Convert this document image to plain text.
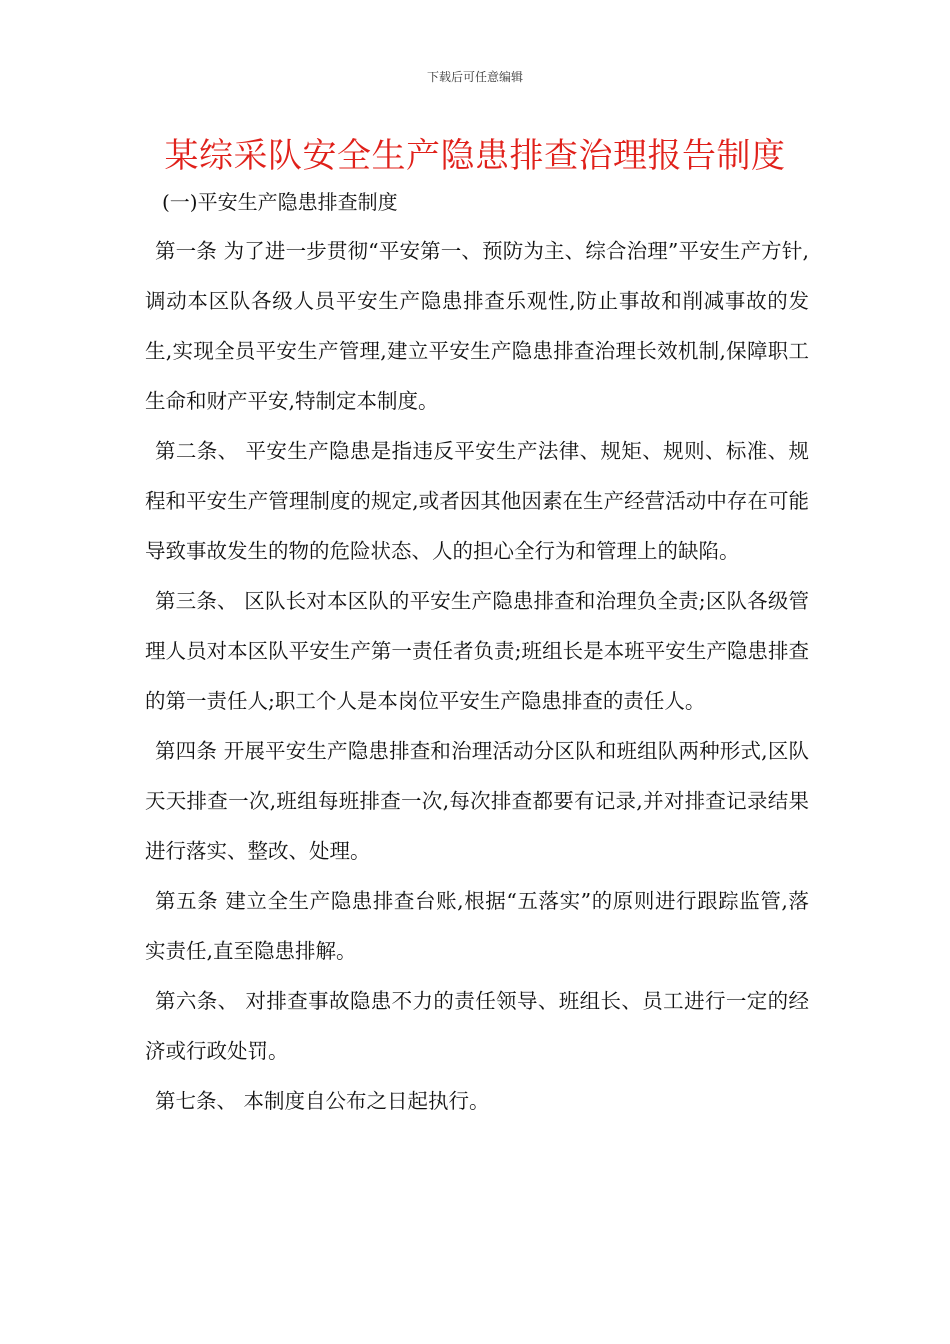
下载后可任意编辑
某综采队安全生产隐患排查治理报告制度
(一)平安生产隐患排查制度

第一条 为了进一步贯彻“平安第一、预防为主、综合治理”平安生产方针,调动本区队各级人员平安生产隐患排查乐观性,防止事故和削减事故的发生,实现全员平安生产管理,建立平安生产隐患排查治理长效机制,保障职工生命和财产平安,特制定本制度。

第二条、 平安生产隐患是指违反平安生产法律、规矩、规则、标准、规程和平安生产管理制度的规定,或者因其他因素在生产经营活动中存在可能导致事故发生的物的危险状态、人的担心全行为和管理上的缺陷。

第三条、 区队长对本区队的平安生产隐患排查和治理负全责;区队各级管理人员对本区队平安生产第一责任者负责;班组长是本班平安生产隐患排查的第一责任人;职工个人是本岗位平安生产隐患排查的责任人。

第四条 开展平安生产隐患排查和治理活动分区队和班组队两种形式,区队天天排查一次,班组每班排查一次,每次排查都要有记录,并对排查记录结果进行落实、整改、处理。

第五条 建立全生产隐患排查台账,根据“五落实”的原则进行跟踪监管,落实责任,直至隐患排解。

第六条、 对排查事故隐患不力的责任领导、班组长、员工进行一定的经济或行政处罚。

第七条、 本制度自公布之日起执行。
